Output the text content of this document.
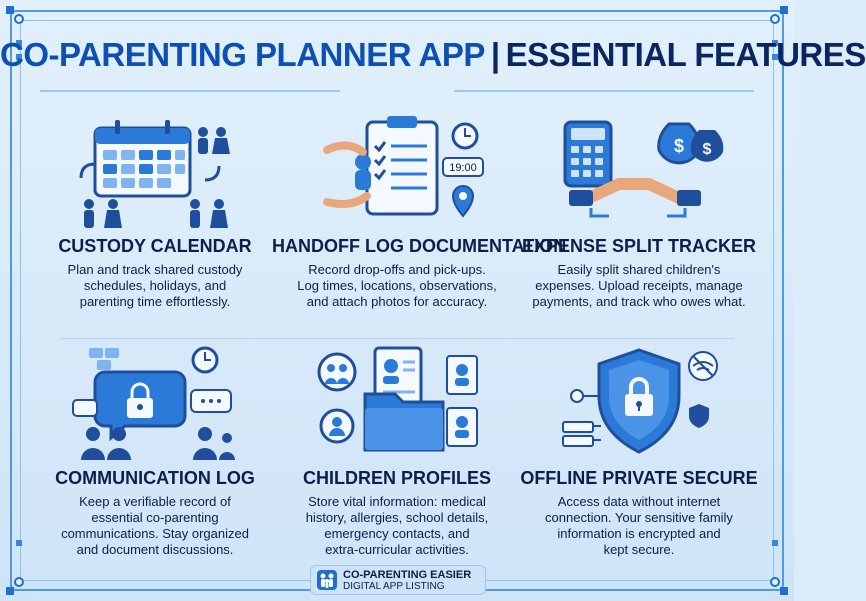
CO-PARENTING PLANNER APP | ESSENTIAL FEATURES
CUSTODY CALENDAR

Plan and track shared custody
schedules, holidays, and
parenting time effortlessly.

19:00
HANDOFF LOG DOCUMENTATION

Record drop-offs and pick-ups.
Log times, locations, observations,
and attach photos for accuracy.

$ $
EXPENSE SPLIT TRACKER

Easily split shared children's
expenses. Upload receipts, manage
payments, and track who owes what.

COMMUNICATION LOG

Keep a verifiable record of
essential co-parenting
communications. Stay organized
and document discussions.

CHILDREN PROFILES

Store vital information: medical
history, allergies, school details,
emergency contacts, and
extra-curricular activities.

OFFLINE PRIVATE SECURE

Access data without internet
connection. Your sensitive family
information is encrypted and
kept secure.

CO-PARENTING EASIER
DIGITAL APP LISTING
